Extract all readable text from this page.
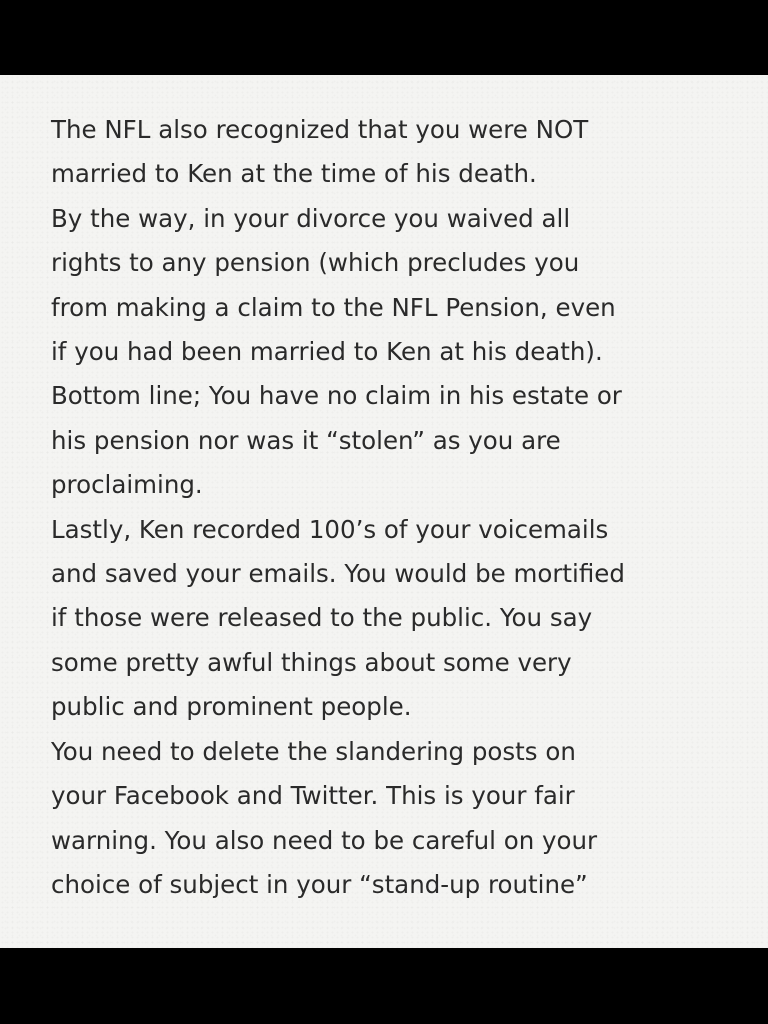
The NFL also recognized that you were NOT
married to Ken at the time of his death.
By the way, in your divorce you waived all
rights to any pension (which precludes you
from making a claim to the NFL Pension, even
if you had been married to Ken at his death).
Bottom line; You have no claim in his estate or
his pension nor was it “stolen” as you are
proclaiming.
Lastly, Ken recorded 100’s of your voicemails
and saved your emails. You would be mortified
if those were released to the public. You say
some pretty awful things about some very
public and prominent people.
You need to delete the slandering posts on
your Facebook and Twitter. This is your fair
warning. You also need to be careful on your
choice of subject in your “stand-up routine”
